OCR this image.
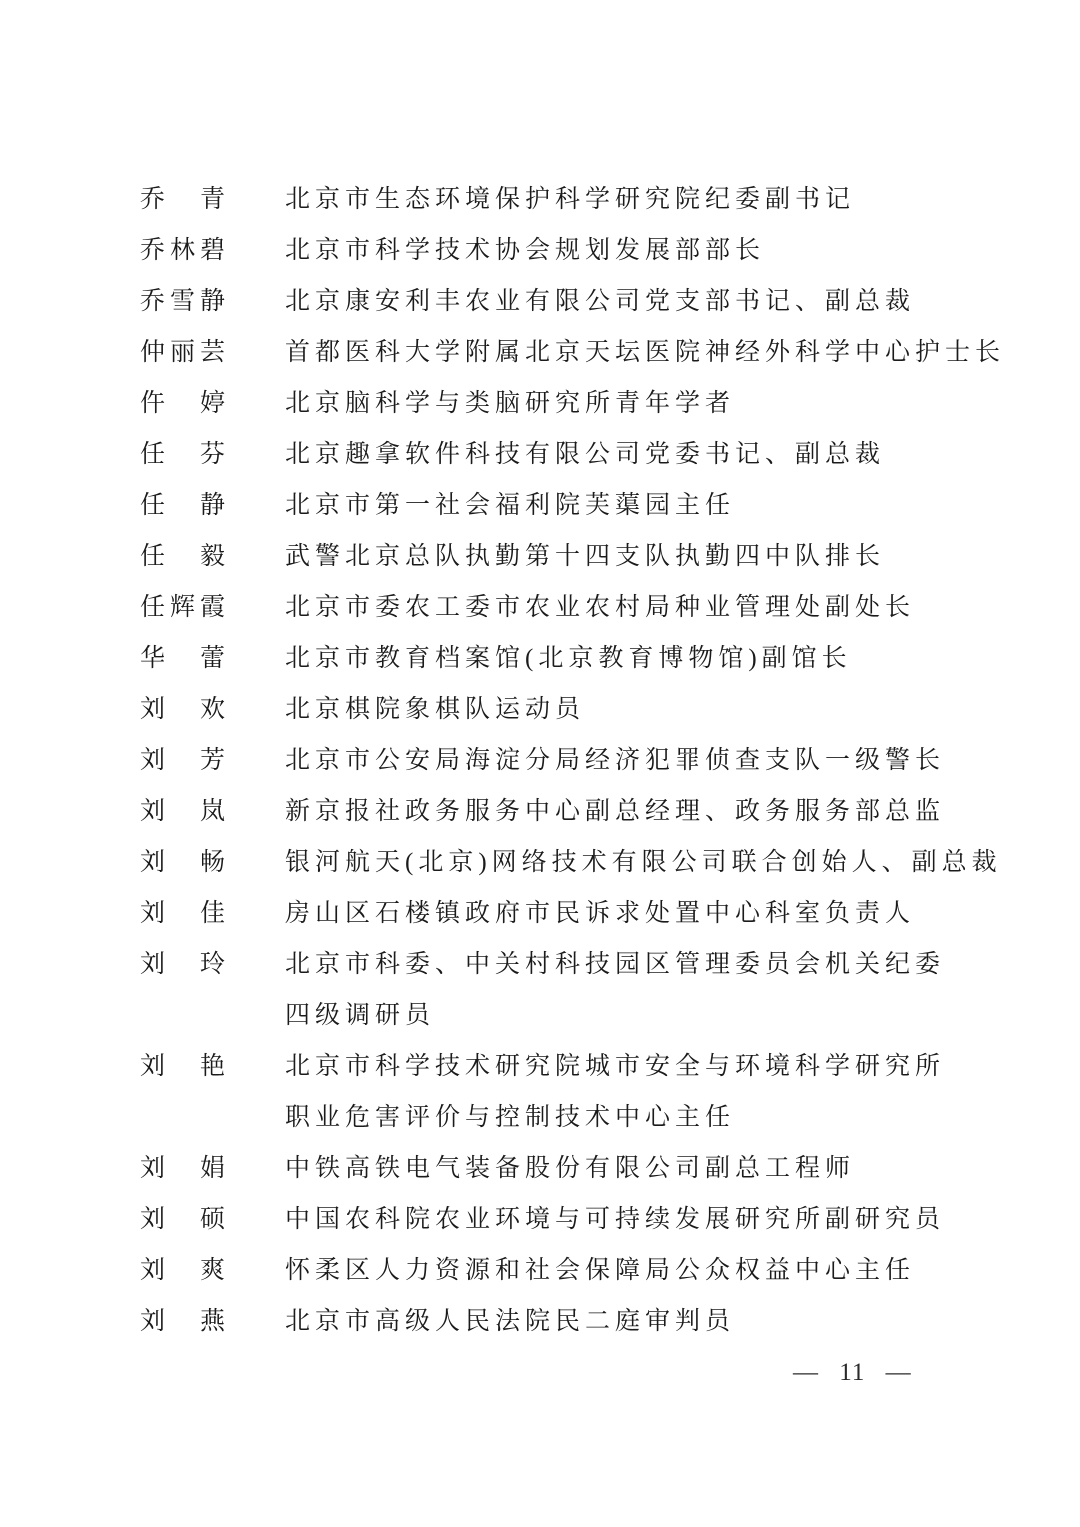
乔　青 北京市生态环境保护科学研究院纪委副书记
乔林碧 北京市科学技术协会规划发展部部长
乔雪静 北京康安利丰农业有限公司党支部书记、副总裁
仲丽芸 首都医科大学附属北京天坛医院神经外科学中心护士长
仵　婷 北京脑科学与类脑研究所青年学者
任　芬 北京趣拿软件科技有限公司党委书记、副总裁
任　静 北京市第一社会福利院芙蕖园主任
任　毅 武警北京总队执勤第十四支队执勤四中队排长
任辉霞 北京市委农工委市农业农村局种业管理处副处长
华　蕾 北京市教育档案馆(北京教育博物馆)副馆长
刘　欢 北京棋院象棋队运动员
刘　芳 北京市公安局海淀分局经济犯罪侦查支队一级警长
刘　岚 新京报社政务服务中心副总经理、政务服务部总监
刘　畅 银河航天(北京)网络技术有限公司联合创始人、副总裁
刘　佳 房山区石楼镇政府市民诉求处置中心科室负责人
刘　玲 北京市科委、中关村科技园区管理委员会机关纪委
四级调研员
刘　艳 北京市科学技术研究院城市安全与环境科学研究所
职业危害评价与控制技术中心主任
刘　娟 中铁高铁电气装备股份有限公司副总工程师
刘　硕 中国农科院农业环境与可持续发展研究所副研究员
刘　爽 怀柔区人力资源和社会保障局公众权益中心主任
刘　燕 北京市高级人民法院民二庭审判员
— 11 —
